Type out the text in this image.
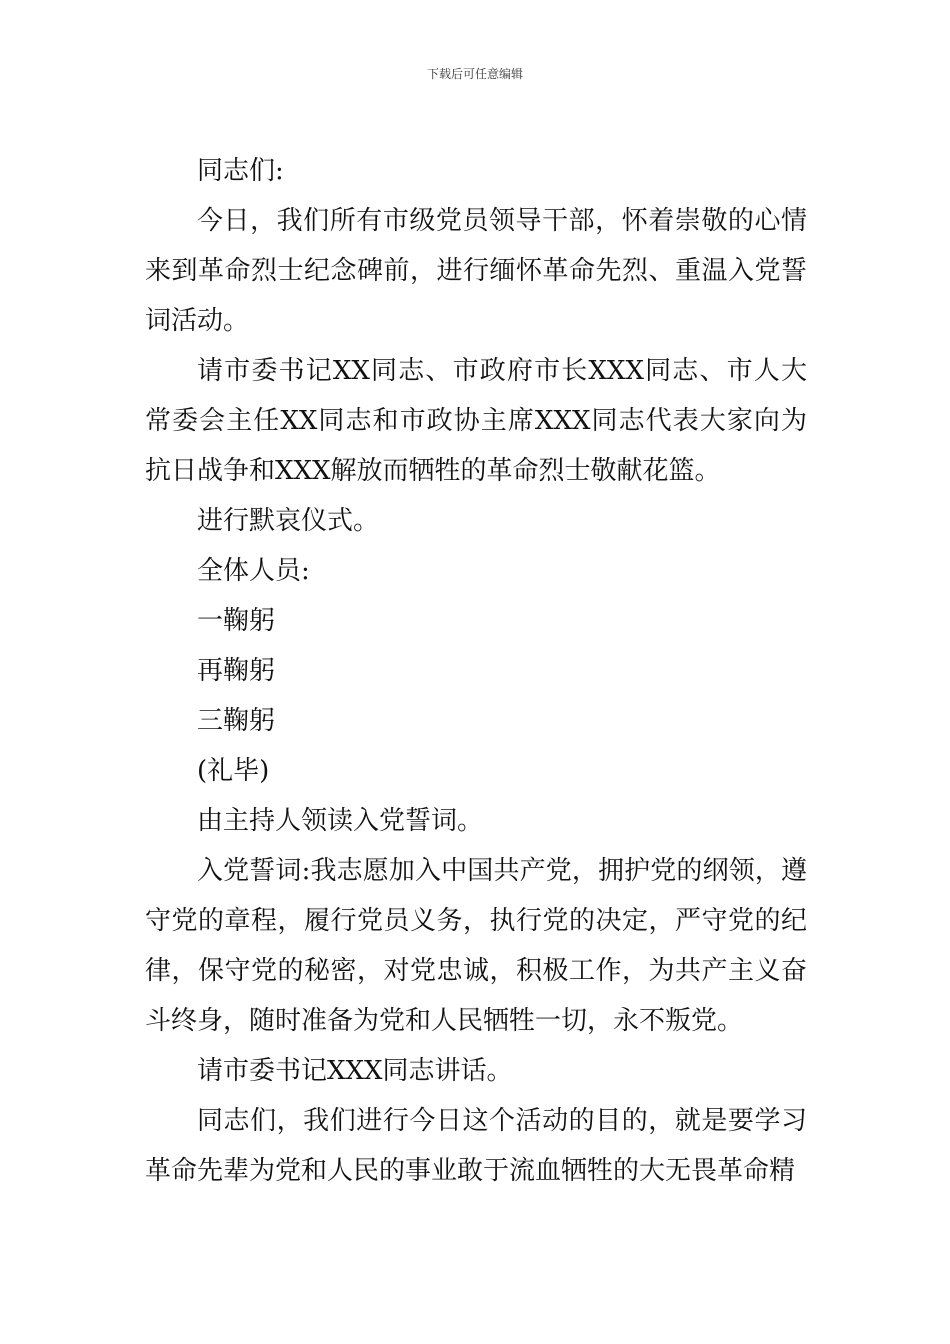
下载后可任意编辑

同志们:

今日，我们所有市级党员领导干部，怀着崇敬的心情来到革命烈士纪念碑前，进行缅怀革命先烈、重温入党誓词活动。

请市委书记XX同志、市政府市长XXX同志、市人大常委会主任XX同志和市政协主席XXX同志代表大家向为抗日战争和XXX解放而牺牲的革命烈士敬献花篮。

进行默哀仪式。

全体人员:

一鞠躬

再鞠躬

三鞠躬

(礼毕)

由主持人领读入党誓词。

入党誓词:我志愿加入中国共产党，拥护党的纲领，遵守党的章程，履行党员义务，执行党的决定，严守党的纪律，保守党的秘密，对党忠诚，积极工作，为共产主义奋斗终身，随时准备为党和人民牺牲一切，永不叛党。

请市委书记XXX同志讲话。

同志们，我们进行今日这个活动的目的，就是要学习革命先辈为党和人民的事业敢于流血牺牲的大无畏革命精
